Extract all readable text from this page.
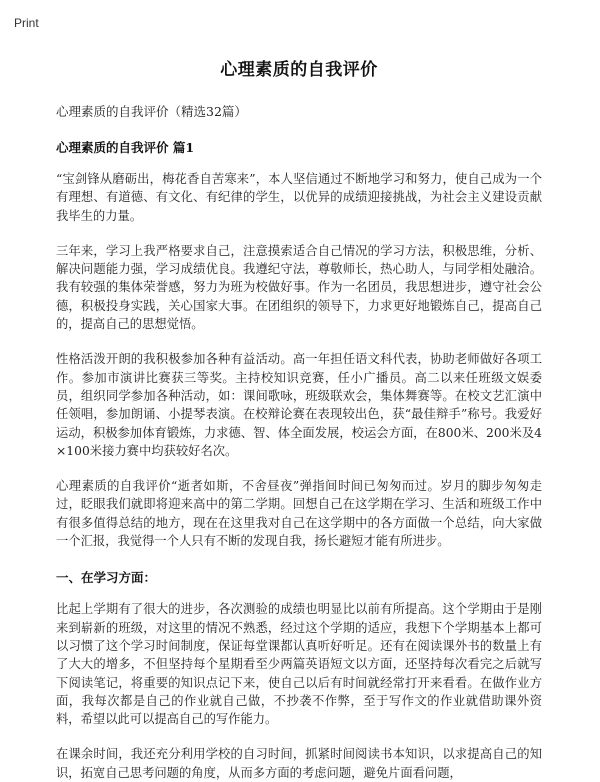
Print
心理素质的自我评价

心理素质的自我评价（精选32篇）

心理素质的自我评价 篇1

“宝剑锋从磨砺出，梅花香自苦寒来”，本人坚信通过不断地学习和努力，使自己成为一个有理想、有道德、有文化、有纪律的学生，以优异的成绩迎接挑战，为社会主义建设贡献我毕生的力量。

三年来，学习上我严格要求自己，注意摸索适合自己情况的学习方法，积极思维，分析、解决问题能力强，学习成绩优良。我遵纪守法，尊敬师长，热心助人，与同学相处融洽。我有较强的集体荣誉感，努力为班为校做好事。作为一名团员，我思想进步，遵守社会公德，积极投身实践，关心国家大事。在团组织的领导下，力求更好地锻炼自己，提高自己的，提高自己的思想觉悟。

性格活泼开朗的我积极参加各种有益活动。高一年担任语文科代表，协助老师做好各项工作。参加市演讲比赛获三等奖。主持校知识竞赛，任小广播员。高二以来任班级文娱委员，组织同学参加各种活动，如：课间歌咏，班级联欢会，集体舞赛等。在校文艺汇演中任领唱，参加朗诵、小提琴表演。在校辩论赛在表现较出色，获“最佳辩手”称号。我爱好运动，积极参加体育锻炼，力求德、智、体全面发展，校运会方面，在800米、200米及4×100米接力赛中均获较好名次。

心理素质的自我评价“逝者如斯，不舍昼夜”弹指间时间已匆匆而过。岁月的脚步匆匆走过，眨眼我们就即将迎来高中的第二学期。回想自己在这学期在学习、生活和班级工作中有很多值得总结的地方，现在在这里我对自己在这学期中的各方面做一个总结，向大家做一个汇报，我觉得一个人只有不断的发现自我，扬长避短才能有所进步。

一、在学习方面：

比起上学期有了很大的进步，各次测验的成绩也明显比以前有所提高。这个学期由于是刚来到崭新的班级，对这里的情况不熟悉，经过这个学期的适应，我想下个学期基本上都可以习惯了这个学习时间制度，保证每堂课都认真听好听足。还有在阅读课外书的数量上有了大大的增多，不但坚持每个星期看至少两篇英语短文以方面，还坚持每次看完之后就写下阅读笔记，将重要的知识点记下来，使自己以后有时间就经常打开来看看。在做作业方面，我每次都是自己的作业就自己做，不抄袭不作弊，至于写作文的作业就借助课外资料，希望以此可以提高自己的写作能力。

在课余时间，我还充分利用学校的自习时间，抓紧时间阅读书本知识，以求提高自己的知识，拓宽自己思考问题的角度，从而多方面的考虑问题，避免片面看问题，
